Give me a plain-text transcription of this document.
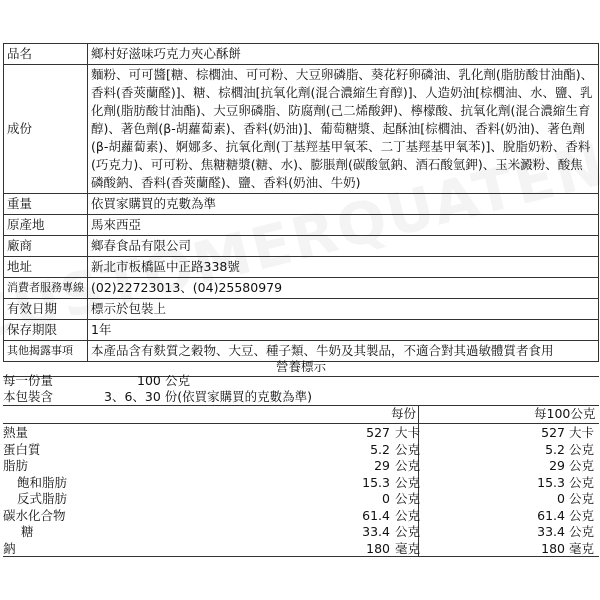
品名	鄉村好滋味巧克力夾心酥餅
成份	麵粉、可可醬[糖、棕櫚油、可可粉、大豆卵磷脂、葵花籽卵磷油、乳化劑(脂肪酸甘油酯)、香料(香莢蘭醛)]、糖、棕櫚油[抗氧化劑(混合濃縮生育醇)]、人造奶油[棕櫚油、水、鹽、乳化劑(脂肪酸甘油酯)、大豆卵磷脂、防腐劑(己二烯酸鉀)、檸檬酸、抗氧化劑(混合濃縮生育醇)、著色劑(β-胡蘿蔔素)、香料(奶油)]、葡萄糖漿、起酥油[棕櫚油、香料(奶油)、著色劑(β-胡蘿蔔素)、婀娜多、抗氧化劑(丁基羥基甲氧苯、二丁基羥基甲氧苯)]、脫脂奶粉、香料(巧克力)、可可粉、焦糖糖漿(糖、水)、膨脹劑(碳酸氫鈉、酒石酸氫鉀)、玉米澱粉、酸焦磷酸鈉、香料(香莢蘭醛)、鹽、香料(奶油、牛奶)
重量	依買家購買的克數為準
原產地	馬來西亞
廠商	鄉春食品有限公司
地址	新北市板橋區中正路338號
消費者服務專線	(02)22723013、(04)25580979
有效日期	標示於包裝上
保存期限	1年
其他揭露事項	本產品含有麩質之穀物、大豆、種子類、牛奶及其製品，不適合對其過敏體質者食用
營養標示
每一份量	100 公克
本包裝含	3、6、30 份(依買家購買的克數為準)
每份	每100公克
熱量	527 大卡	527 大卡
蛋白質	5.2 公克	5.2 公克
脂肪	29 公克	29 公克
飽和脂肪	15.3 公克	15.3 公克
反式脂肪	0 公克	0 公克
碳水化合物	61.4 公克	61.4 公克
糖	33.4 公克	33.4 公克
鈉	180 毫克	180 毫克
